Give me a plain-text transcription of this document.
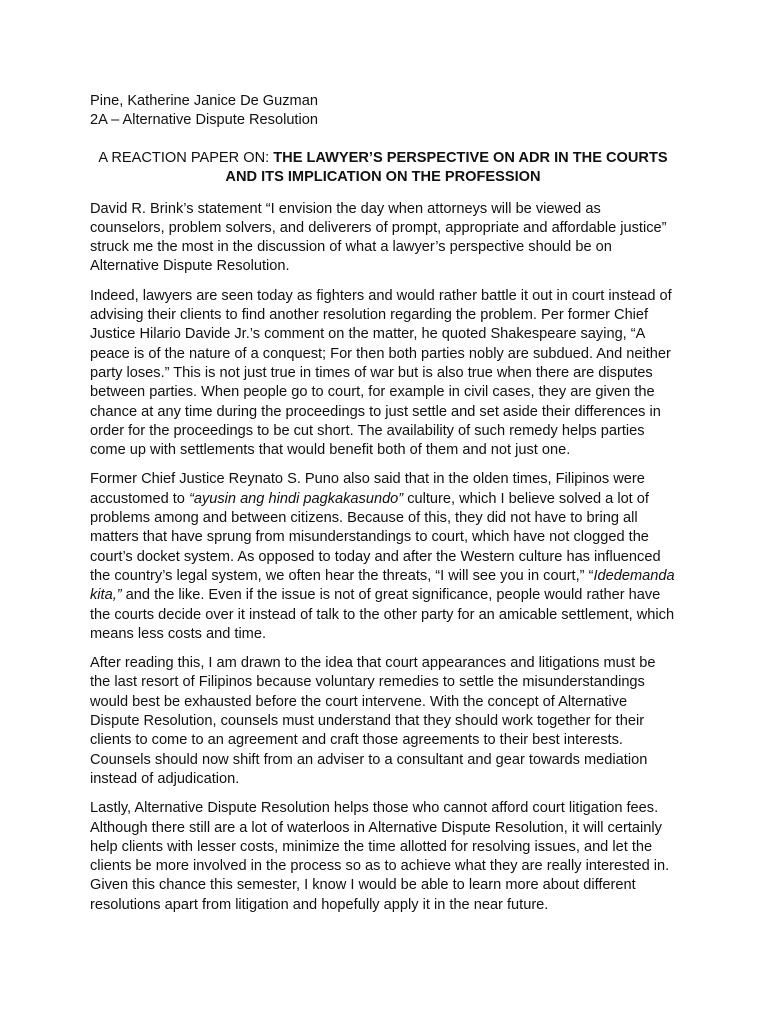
Pine, Katherine Janice De Guzman

2A – Alternative Dispute Resolution

A REACTION PAPER ON: THE LAWYER’S PERSPECTIVE ON ADR IN THE COURTS AND ITS IMPLICATION ON THE PROFESSION

David R. Brink’s statement “I envision the day when attorneys will be viewed as counselors, problem solvers, and deliverers of prompt, appropriate and affordable justice” struck me the most in the discussion of what a lawyer’s perspective should be on Alternative Dispute Resolution.

Indeed, lawyers are seen today as fighters and would rather battle it out in court instead of advising their clients to find another resolution regarding the problem. Per former Chief Justice Hilario Davide Jr.’s comment on the matter, he quoted Shakespeare saying, “A peace is of the nature of a conquest; For then both parties nobly are subdued. And neither party loses.” This is not just true in times of war but is also true when there are disputes between parties. When people go to court, for example in civil cases, they are given the chance at any time during the proceedings to just settle and set aside their differences in order for the proceedings to be cut short. The availability of such remedy helps parties come up with settlements that would benefit both of them and not just one.

Former Chief Justice Reynato S. Puno also said that in the olden times, Filipinos were accustomed to “ayusin ang hindi pagkakasundo” culture, which I believe solved a lot of problems among and between citizens. Because of this, they did not have to bring all matters that have sprung from misunderstandings to court, which have not clogged the court’s docket system. As opposed to today and after the Western culture has influenced the country’s legal system, we often hear the threats, “I will see you in court,” “Idedemanda kita,” and the like. Even if the issue is not of great significance, people would rather have the courts decide over it instead of talk to the other party for an amicable settlement, which means less costs and time.

After reading this, I am drawn to the idea that court appearances and litigations must be the last resort of Filipinos because voluntary remedies to settle the misunderstandings would best be exhausted before the court intervene. With the concept of Alternative Dispute Resolution, counsels must understand that they should work together for their clients to come to an agreement and craft those agreements to their best interests. Counsels should now shift from an adviser to a consultant and gear towards mediation instead of adjudication.

Lastly, Alternative Dispute Resolution helps those who cannot afford court litigation fees. Although there still are a lot of waterloos in Alternative Dispute Resolution, it will certainly help clients with lesser costs, minimize the time allotted for resolving issues, and let the clients be more involved in the process so as to achieve what they are really interested in. Given this chance this semester, I know I would be able to learn more about different resolutions apart from litigation and hopefully apply it in the near future.
